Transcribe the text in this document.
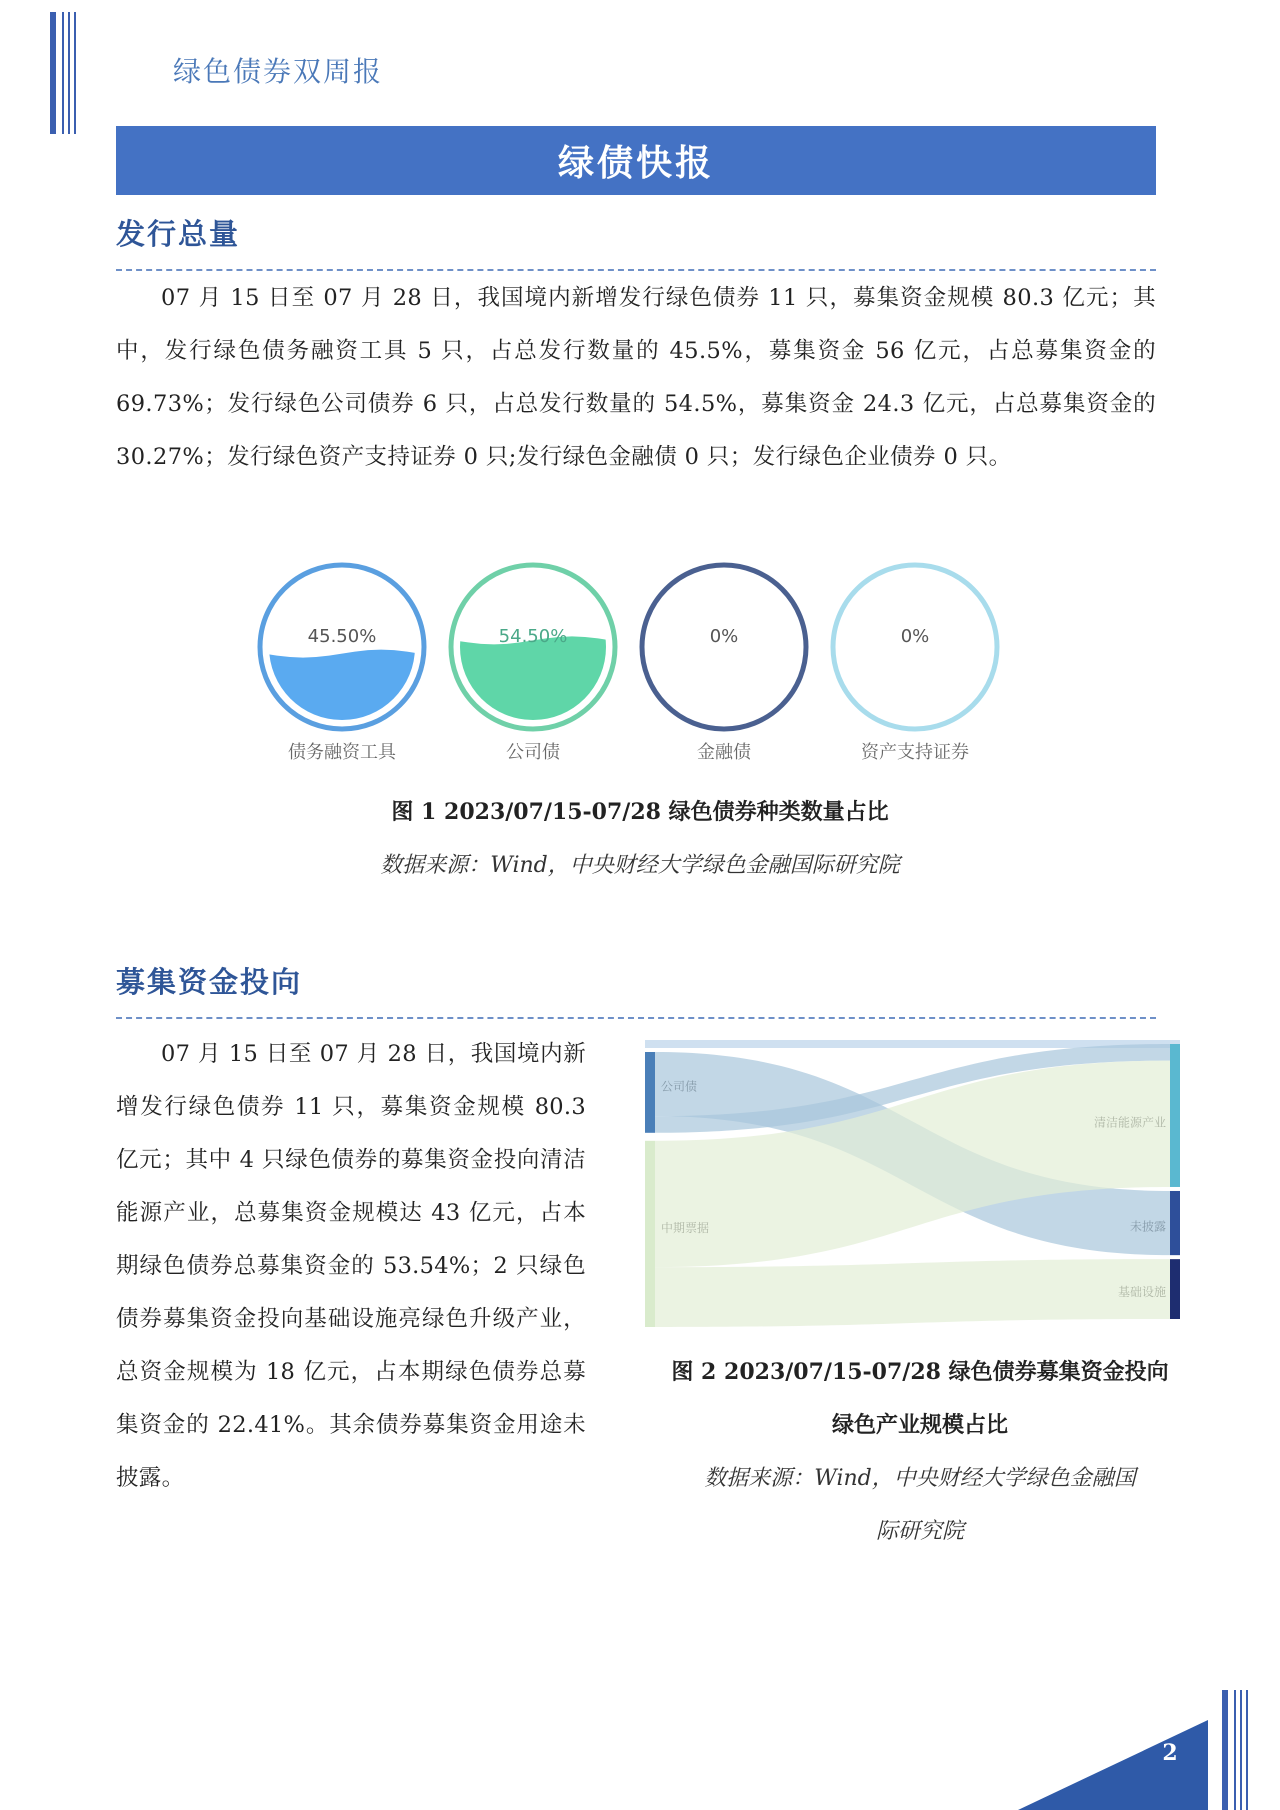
绿色债券双周报
绿债快报
发行总量

07 月 15 日至 07 月 28 日，我国境内新增发行绿色债券 11 只，募集资金规模 80.3 亿元；其中，发行绿色债务融资工具 5 只，占总发行数量的 45.5%，募集资金 56 亿元，占总募集资金的 69.73%；发行绿色公司债券 6 只，占总发行数量的 54.5%，募集资金 24.3 亿元，占总募集资金的 30.27%；发行绿色资产支持证券 0 只;发行绿色金融债 0 只；发行绿色企业债券 0 只。

45.50%
债务融资工具
54.50%
公司债
0%
金融债
0%
资产支持证券
图 1 2023/07/15-07/28 绿色债券种类数量占比
数据来源：Wind，中央财经大学绿色金融国际研究院
募集资金投向

07 月 15 日至 07 月 28 日，我国境内新增发行绿色债券 11 只，募集资金规模 80.3 亿元；其中 4 只绿色债券的募集资金投向清洁能源产业，总募集资金规模达 43 亿元，占本期绿色债券总募集资金的 53.54%；2 只绿色债券募集资金投向基础设施亮绿色升级产业，总资金规模为 18 亿元，占本期绿色债券总募集资金的 22.41%。其余债券募集资金用途未披露。

图 2 2023/07/15-07/28 绿色债券募集资金投向
绿色产业规模占比
数据来源：Wind，中央财经大学绿色金融国
际研究院
2
